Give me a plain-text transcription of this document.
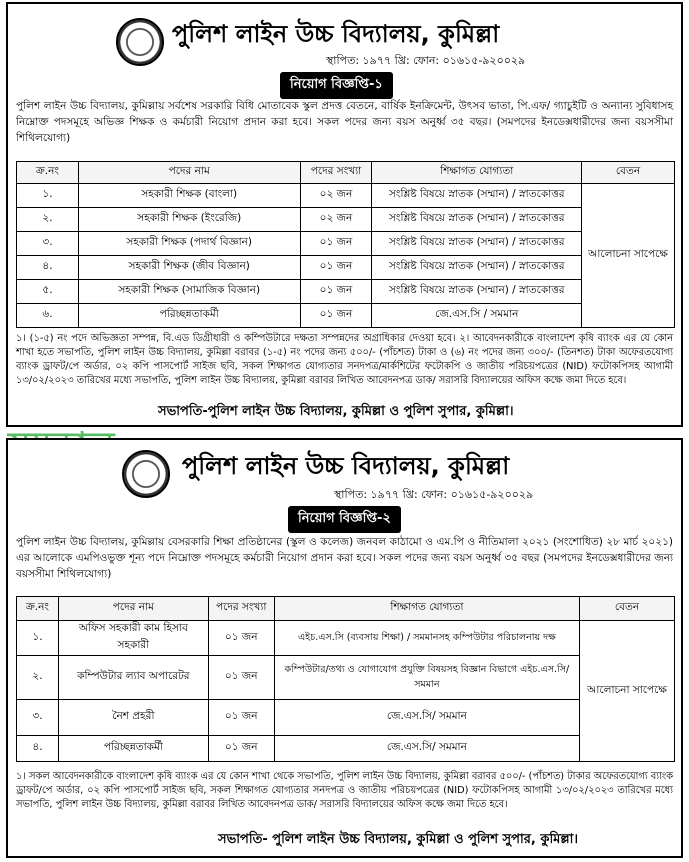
পুলিশ লাইন উচ্চ বিদ্যালয়, কুমিল্লা
স্থাপিত: ১৯৭৭ খ্রি: ফোন: ০১৬১৫-৯২০০২৯
নিয়োগ বিজ্ঞপ্তি-১
পুলিশ লাইন উচ্চ বিদ্যালয়, কুমিল্লায় সর্বশেষ সরকারি বিধি মোতাবেক স্কুল প্রদত্ত বেতনে, বার্ষিক ইনক্রিমেন্ট, উৎসব ভাতা, পি.এফ/ গ্যাচুইটি ও অন্যান্য সুবিধাসহ নিম্নোক্ত পদসমূহে অভিজ্ঞ শিক্ষক ও কর্মচারী নিয়োগ প্রদান করা হবে। সকল পদের জন্য বয়স অনুর্ধ্ব ৩৫ বছর। (সমপদের ইনডেক্সধারীদের জন্য বয়সসীমা শিথিলযোগ্য)
ক্র.নং	পদের নাম	পদের সংখ্যা	শিক্ষাগত যোগ্যতা	বেতন
১.	সহকারী শিক্ষক (বাংলা)	০২ জন	সংশ্লিষ্ট বিষয়ে স্নাতক (সম্মান) / স্নাতকোত্তর	আলোচনা সাপেক্ষে
২.	সহকারী শিক্ষক (ইংরেজি)	০২ জন	সংশ্লিষ্ট বিষয়ে স্নাতক (সম্মান) / স্নাতকোত্তর	
৩.	সহকারী শিক্ষক (পদার্থ বিজ্ঞান)	০১ জন	সংশ্লিষ্ট বিষয়ে স্নাতক (সম্মান) / স্নাতকোত্তর	
৪.	সহকারী শিক্ষক (জীব বিজ্ঞান)	০১ জন	সংশ্লিষ্ট বিষয়ে স্নাতক (সম্মান) / স্নাতকোত্তর	
৫.	সহকারী শিক্ষক (সামাজিক বিজ্ঞান)	০১ জন	সংশ্লিষ্ট বিষয়ে স্নাতক (সম্মান) / স্নাতকোত্তর	
৬.	পরিচ্ছন্নতাকর্মী	০১ জন	জে.এস.সি / সমমান	
১। (১-৫) নং পদে অভিজ্ঞতা সম্পন্ন, বি.এড ডিগ্রীধারী ও কম্পিউটারে দক্ষতা সম্পন্নদের অগ্রাধিকার দেওয়া হবে। ২। আবেদনকারীকে বাংলাদেশ কৃষি ব্যাংক এর যে কোন শাখা হতে সভাপতি, পুলিশ লাইন উচ্চ বিদ্যালয়, কুমিল্লা বরাবর (১-৫) নং পদের জন্য ৫০০/- (পাঁচশত) টাকা ও (৬) নং পদের জন্য ৩০০/- (তিনশত) টাকা অফেরতযোগ্য ব্যাংক ড্রাফট/পে অর্ডার, ০২ কপি পাসপোর্ট সাইজ ছবি, সকল শিক্ষাগত যোগ্যতার সনদপত্র/মার্কশিটের ফটোকপি ও জাতীয় পরিচয়পত্রের (NID) ফটোকপিসহ আগামী ১৩/০২/২০২৩ তারিখের মধ্যে সভাপতি, পুলিশ লাইন উচ্চ বিদ্যালয়, কুমিল্লা বরাবর লিখিত আবেদনপত্র ডাক/ সরাসরি বিদ্যালয়ের অফিস কক্ষে জমা দিতে হবে।
সভাপতি-পুলিশ লাইন উচ্চ বিদ্যালয়, কুমিল্লা ও পুলিশ সুপার, কুমিল্লা।
পুলিশ লাইন উচ্চ বিদ্যালয়, কুমিল্লা
স্থাপিত: ১৯৭৭ খ্রি: ফোন: ০১৬১৫-৯২০০২৯
নিয়োগ বিজ্ঞপ্তি-২
পুলিশ লাইন উচ্চ বিদ্যালয়, কুমিল্লায় বেসরকারি শিক্ষা প্রতিষ্ঠানের (স্কুল ও কলেজ) জনবল কাঠামো ও এম.পি ও নীতিমালা ২০২১ (সংশোধিত) ২৮ মার্চ ২০২১) এর আলোকে এমপিওভুক্ত শূন্য পদে নিম্নোক্ত পদসমূহে কর্মচারী নিয়োগ প্রদান করা হবে। সকল পদের জন্য বয়স অনুর্ধ্ব ৩৫ বছর (সমপদের ইনডেক্সধারীদের জন্য বয়সসীমা শিথিলযোগ্য)
ক্র.নং	পদের নাম	পদের সংখ্যা	শিক্ষাগত যোগ্যতা	বেতন
১.	অফিস সহকারী কাম হিসাব সহকারী	০১ জন	এইচ.এস.সি (ব্যবসায় শিক্ষা) / সমমানসহ কম্পিউটার পরিচালনায় দক্ষ	আলোচনা সাপেক্ষে
২.	কম্পিউটার ল্যাব অপারেটর	০১ জন	কম্পিউটার/তথ্য ও যোগাযোগ প্রযুক্তি বিষয়সহ বিজ্ঞান বিভাগে এইচ.এস.সি/ সমমান	
৩.	নৈশ প্রহরী	০১ জন	জে.এস.সি/ সমমান	
৪.	পরিচ্ছন্নতাকর্মী	০১ জন	জে.এস.সি/ সমমান	
১। সকল আবেদনকারীকে বাংলাদেশ কৃষি ব্যাংক এর যে কোন শাখা থেকে সভাপতি, পুলিশ লাইন উচ্চ বিদ্যালয়, কুমিল্লা বরাবর ৫০০/- (পাঁচশত) টাকার অফেরতযোগ্য ব্যাংক ড্রাফট/পে অর্ডার, ০২ কপি পাসপোর্ট সাইজ ছবি, সকল শিক্ষাগত যোগ্যতার সনদপত্র ও জাতীয় পরিচয়পত্রের (NID) ফটোকপিসহ আগামী ১৩/০২/২০২৩ তারিখের মধ্যে সভাপতি, পুলিশ লাইন উচ্চ বিদ্যালয়, কুমিল্লা বরাবর লিখিত আবেদনপত্র ডাক/ সরাসরি বিদ্যালয়ের অফিস কক্ষে জমা দিতে হবে।
সভাপতি- পুলিশ লাইন উচ্চ বিদ্যালয়, কুমিল্লা ও পুলিশ সুপার, কুমিল্লা।
